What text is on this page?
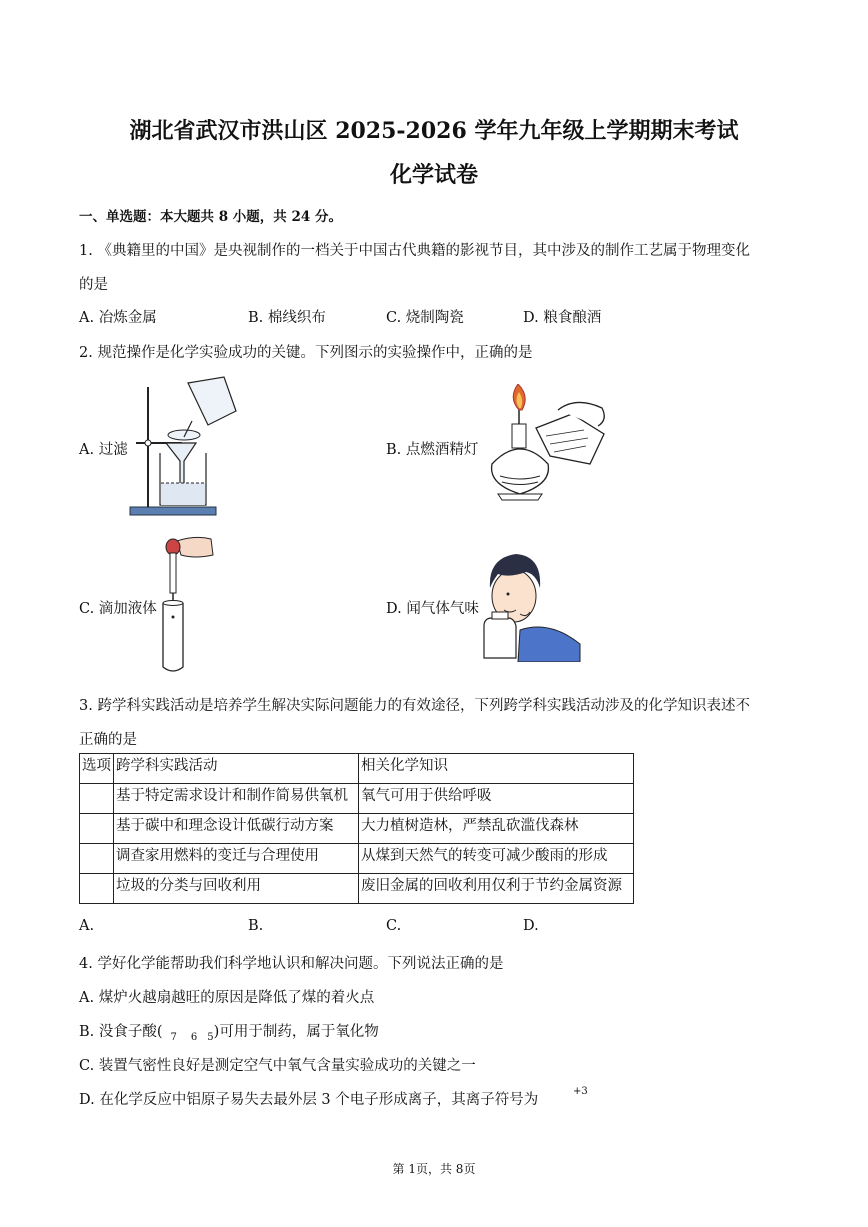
湖北省武汉市洪山区 2025-2026 学年九年级上学期期末考试
化学试卷
一、单选题：本大题共 8 小题，共 24 分。
1. 《典籍里的中国》是央视制作的一档关于中国古代典籍的影视节目，其中涉及的制作工艺属于物理变化
的是
A. 冶炼金属	B. 棉线织布	C. 烧制陶瓷	D. 粮食酿酒
2. 规范操作是化学实验成功的关键。下列图示的实验操作中，正确的是
A. 过滤	B. 点燃酒精灯
C. 滴加液体	D. 闻气体气味
3. 跨学科实践活动是培养学生解决实际问题能力的有效途径，下列跨学科实践活动涉及的化学知识表述不
正确的是
选项	跨学科实践活动	相关化学知识
	基于特定需求设计和制作简易供氧机	氧气可用于供给呼吸
	基于碳中和理念设计低碳行动方案	大力植树造林，严禁乱砍滥伐森林
	调查家用燃料的变迁与合理使用	从煤到天然气的转变可减少酸雨的形成
	垃圾的分类与回收利用	废旧金属的回收利用仅利于节约金属资源
A.	B.	C.	D.
4. 学好化学能帮助我们科学地认识和解决问题。下列说法正确的是
A. 煤炉火越扇越旺的原因是降低了煤的着火点
B. 没食子酸( $_7$ $_6$ $_5$)可用于制药，属于氧化物
C. 装置气密性良好是测定空气中氧气含量实验成功的关键之一
D. 在化学反应中铝原子易失去最外层 3 个电子形成离子，其离子符号为
+3
第 1页，共 8页
